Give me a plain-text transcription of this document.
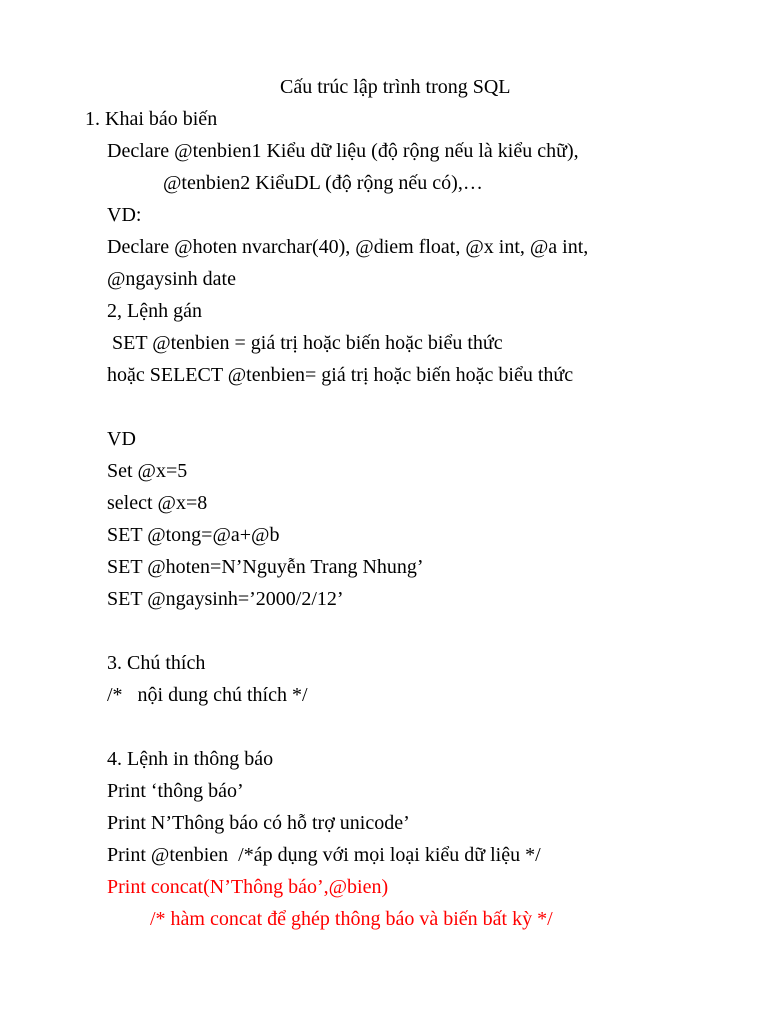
Cấu trúc lập trình trong SQL
1. Khai báo biến
Declare @tenbien1 Kiểu dữ liệu (độ rộng nếu là kiểu chữ),
@tenbien2 KiểuDL (độ rộng nếu có),…
VD:
Declare @hoten nvarchar(40), @diem float, @x int, @a int,
@ngaysinh date
2, Lệnh gán
SET @tenbien = giá trị hoặc biến hoặc biểu thức
hoặc SELECT @tenbien= giá trị hoặc biến hoặc biểu thức
VD
Set @x=5
select @x=8
SET @tong=@a+@b
SET @hoten=N’Nguyễn Trang Nhung’
SET @ngaysinh=’2000/2/12’
3. Chú thích
/*   nội dung chú thích */
4. Lệnh in thông báo
Print ‘thông báo’
Print N’Thông báo có hỗ trợ unicode’
Print @tenbien  /*áp dụng với mọi loại kiểu dữ liệu */
Print concat(N’Thông báo’,@bien)
/* hàm concat để ghép thông báo và biến bất kỳ */
